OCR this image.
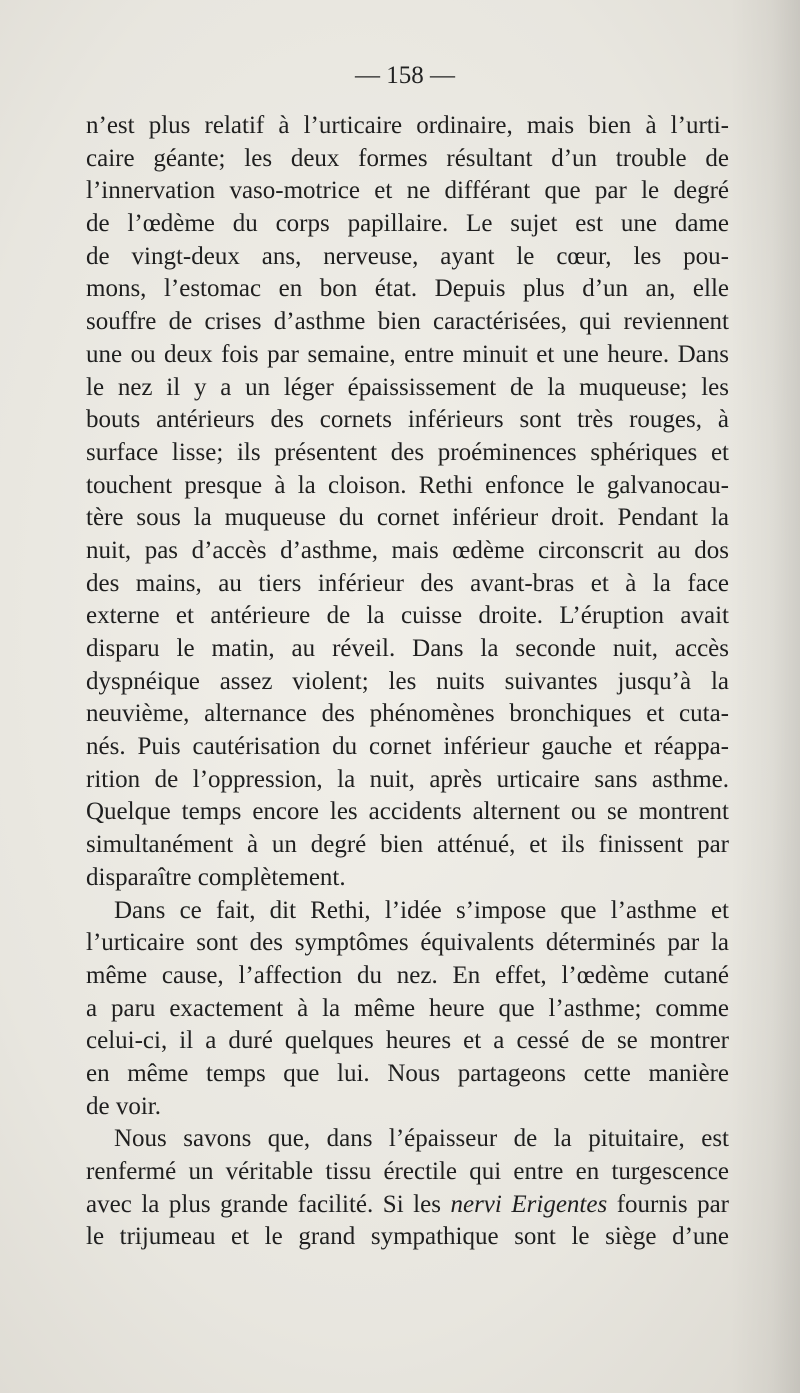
— 158 —
n’est plus relatif à l’urticaire ordinaire, mais bien à l’urti-
caire géante; les deux formes résultant d’un trouble de
l’innervation vaso-motrice et ne différant que par le degré
de l’œdème du corps papillaire. Le sujet est une dame
de vingt-deux ans, nerveuse, ayant le cœur, les pou-
mons, l’estomac en bon état. Depuis plus d’un an, elle
souffre de crises d’asthme bien caractérisées, qui reviennent
une ou deux fois par semaine, entre minuit et une heure. Dans
le nez il y a un léger épaississement de la muqueuse; les
bouts antérieurs des cornets inférieurs sont très rouges, à
surface lisse; ils présentent des proéminences sphériques et
touchent presque à la cloison. Rethi enfonce le galvanocau-
tère sous la muqueuse du cornet inférieur droit. Pendant la
nuit, pas d’accès d’asthme, mais œdème circonscrit au dos
des mains, au tiers inférieur des avant-bras et à la face
externe et antérieure de la cuisse droite. L’éruption avait
disparu le matin, au réveil. Dans la seconde nuit, accès
dyspnéique assez violent; les nuits suivantes jusqu’à la
neuvième, alternance des phénomènes bronchiques et cuta-
nés. Puis cautérisation du cornet inférieur gauche et réappa-
rition de l’oppression, la nuit, après urticaire sans asthme.
Quelque temps encore les accidents alternent ou se montrent
simultanément à un degré bien atténué, et ils finissent par
disparaître complètement.
Dans ce fait, dit Rethi, l’idée s’impose que l’asthme et
l’urticaire sont des symptômes équivalents déterminés par la
même cause, l’affection du nez. En effet, l’œdème cutané
a paru exactement à la même heure que l’asthme; comme
celui-ci, il a duré quelques heures et a cessé de se montrer
en même temps que lui. Nous partageons cette manière
de voir.
Nous savons que, dans l’épaisseur de la pituitaire, est
renfermé un véritable tissu érectile qui entre en turgescence
avec la plus grande facilité. Si les nervi Erigentes fournis par
le trijumeau et le grand sympathique sont le siège d’une
